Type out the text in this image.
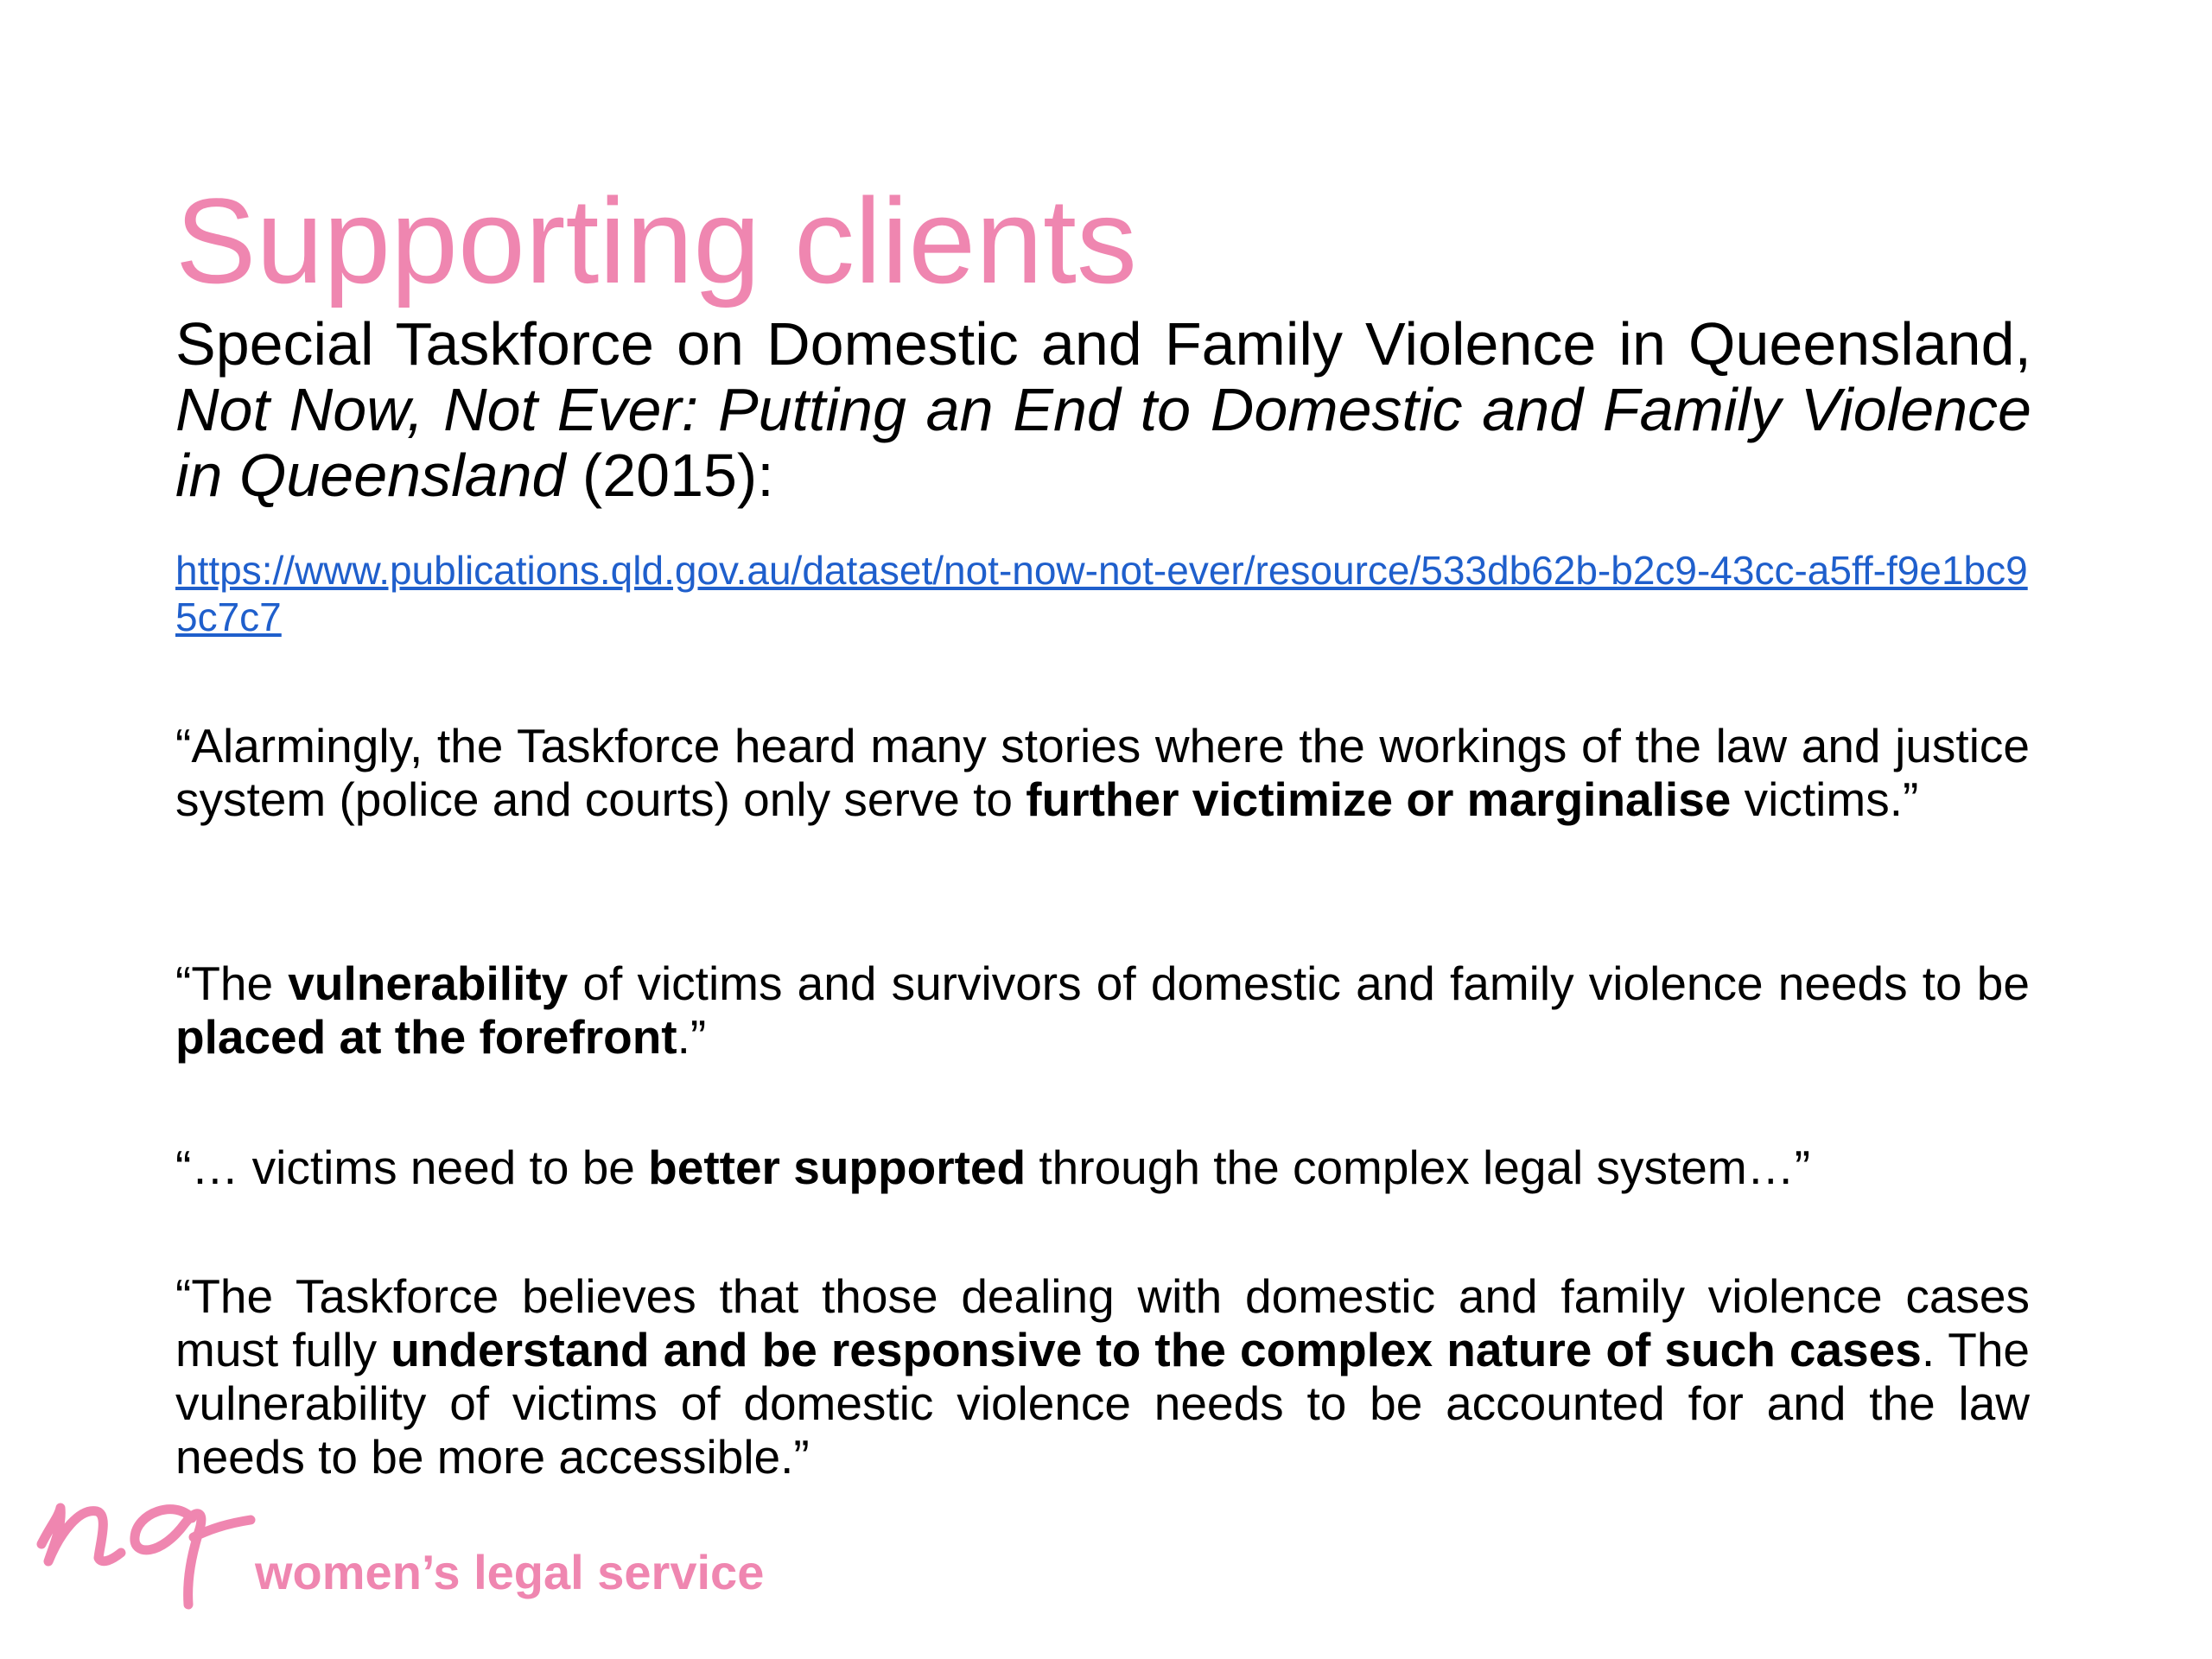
Supporting clients

Special Taskforce on Domestic and Family Violence in Queensland, Not Now, Not Ever: Putting an End to Domestic and Family Violence in Queensland (2015):

https://www.publications.qld.gov.au/dataset/not-now-not-ever/resource/533db62b-b2c9-43cc-a5ff-f9e1bc95c7c7

“Alarmingly, the Taskforce heard many stories where the workings of the law and justice system (police and courts) only serve to further victimize or marginalise victims.”

“The vulnerability of victims and survivors of domestic and family violence needs to be placed at the forefront.”

“… victims need to be better supported through the complex legal system…”

“The Taskforce believes that those dealing with domestic and family violence cases must fully understand and be responsive to the complex nature of such cases. The vulnerability of victims of domestic violence needs to be accounted for and the law needs to be more accessible.”

women’s legal service
